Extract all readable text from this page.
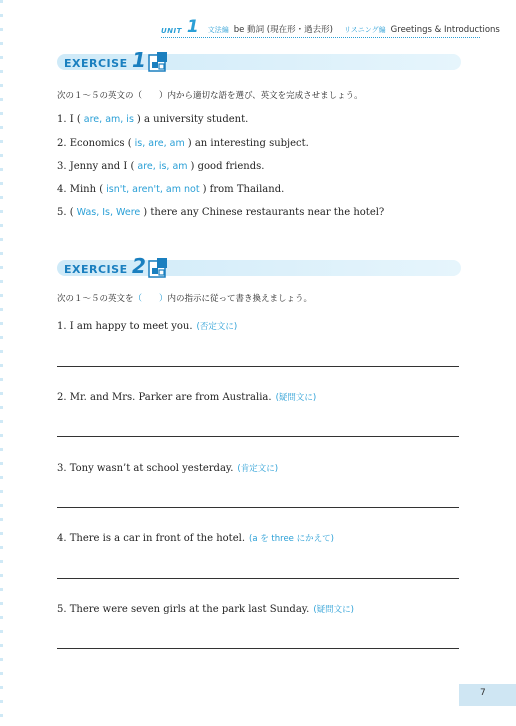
UNIT 1 文法編 be 動詞 (現在形・過去形) リスニング編 Greetings & Introductions
EXERCISE 1
次の１～５の英文の（　　）内から適切な語を選び、英文を完成させましょう。
1. I ( are, am, is ) a university student.
2. Economics ( is, are, am ) an interesting subject.
3. Jenny and I ( are, is, am ) good friends.
4. Minh ( isn't, aren't, am not ) from Thailand.
5. ( Was, Is, Were ) there any Chinese restaurants near the hotel?
EXERCISE 2
次の１～５の英文を（　　）内の指示に従って書き換えましょう。
1. I am happy to meet you. (否定文に)
2. Mr. and Mrs. Parker are from Australia. (疑問文に)
3. Tony wasn’t at school yesterday. (肯定文に)
4. There is a car in front of the hotel. (a を three にかえて)
5. There were seven girls at the park last Sunday. (疑問文に)
7
